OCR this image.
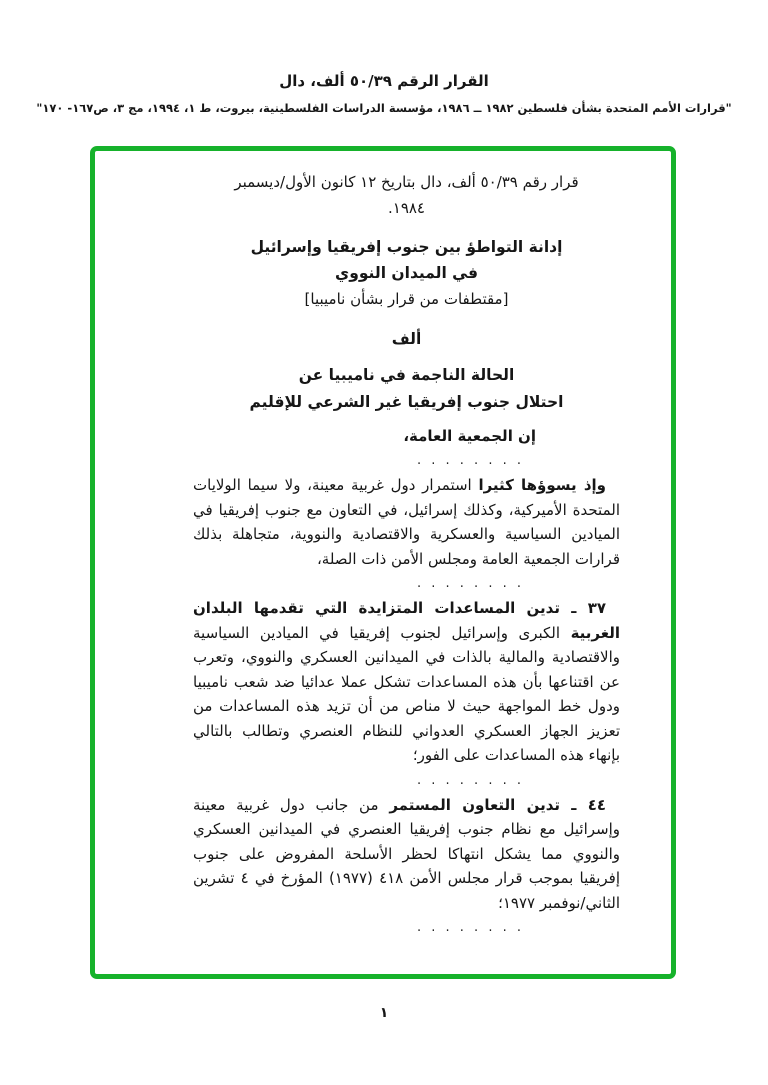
القرار الرقم ٥٠/٣٩ ألف، دال
"قرارات الأمم المتحدة بشأن فلسطين ١٩٨٢ ــ ١٩٨٦، مؤسسة الدراسات الفلسطينية، بيروت، ط ١، ١٩٩٤، مج ٣، ص١٦٧- ١٧٠"
قرار رقم ٥٠/٣٩ ألف، دال بتاريخ ١٢ كانون الأول/ديسمبر
١٩٨٤.
إدانة التواطؤ بين جنوب إفريقيا وإسرائيل
في الميدان النووي
[مقتطفات من قرار بشأن ناميبيا]
ألف
الحالة الناجمة في ناميبيا عن
احتلال جنوب إفريقيا غير الشرعي للإقليم
إن الجمعية العامة،
. . . . . . . .

وإذ يسوؤها كثيرا استمرار دول غربية معينة، ولا سيما الولايات المتحدة الأميركية، وكذلك إسرائيل، في التعاون مع جنوب إفريقيا في الميادين السياسية والعسكرية والاقتصادية والنووية، متجاهلة بذلك قرارات الجمعية العامة ومجلس الأمن ذات الصلة،

. . . . . . . .

٣٧ ـ تدين المساعدات المتزايدة التي تقدمها البلدان الغربية الكبرى وإسرائيل لجنوب إفريقيا في الميادين السياسية والاقتصادية والمالية بالذات في الميدانين العسكري والنووي، وتعرب عن اقتناعها بأن هذه المساعدات تشكل عملا عدائيا ضد شعب ناميبيا ودول خط المواجهة حيث لا مناص من أن تزيد هذه المساعدات من تعزيز الجهاز العسكري العدواني للنظام العنصري وتطالب بالتالي بإنهاء هذه المساعدات على الفور؛

. . . . . . . .

٤٤ ـ تدين التعاون المستمر من جانب دول غربية معينة وإسرائيل مع نظام جنوب إفريقيا العنصري في الميدانين العسكري والنووي مما يشكل انتهاكا لحظر الأسلحة المفروض على جنوب إفريقيا بموجب قرار مجلس الأمن ٤١٨ (١٩٧٧) المؤرخ في ٤ تشرين الثاني/نوفمبر ١٩٧٧؛

. . . . . . . .
١
